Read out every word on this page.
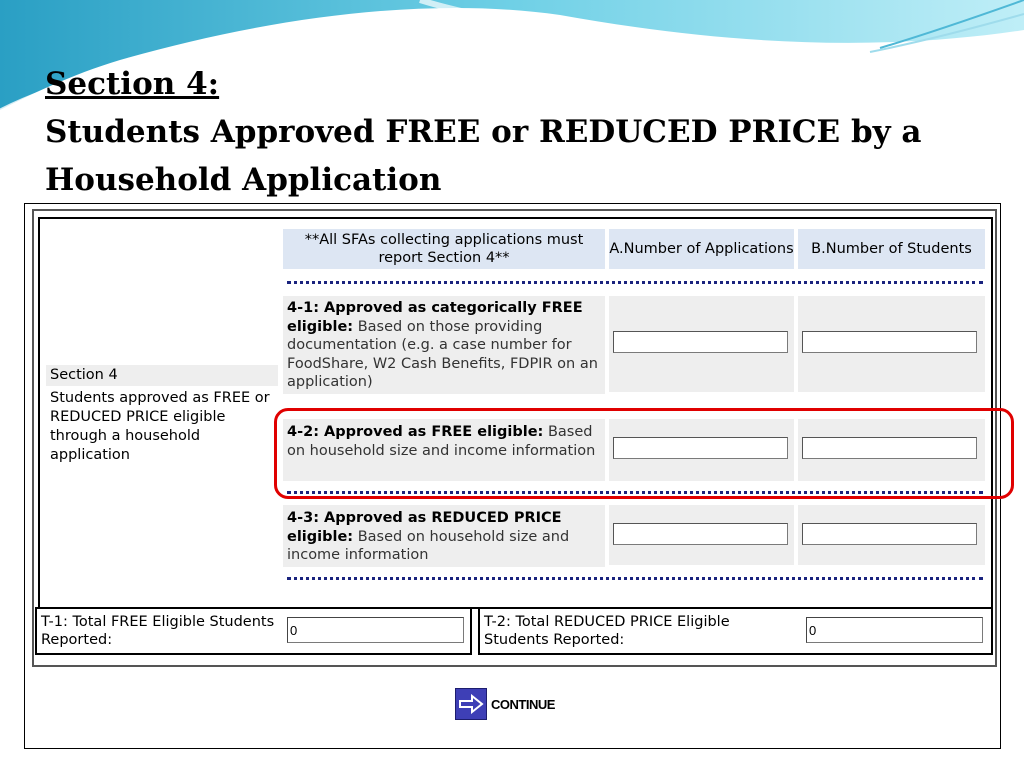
Section 4:
Students Approved FREE or REDUCED PRICE by a Household Application
Section 4
Students approved as FREE or REDUCED PRICE eligible through a household application
**All SFAs collecting applications must report Section 4**
A.Number of Applications	B.Number of Students
4-1: Approved as categorically FREE eligible: Based on those providing documentation (e.g. a case number for FoodShare, W2 Cash Benefits, FDPIR on an application)
4-2: Approved as FREE eligible: Based on household size and income information
4-3: Approved as REDUCED PRICE eligible: Based on household size and income information
T-1: Total FREE Eligible Students Reported:
0
T-2: Total REDUCED PRICE Eligible Students Reported:
0
CONTINUE
